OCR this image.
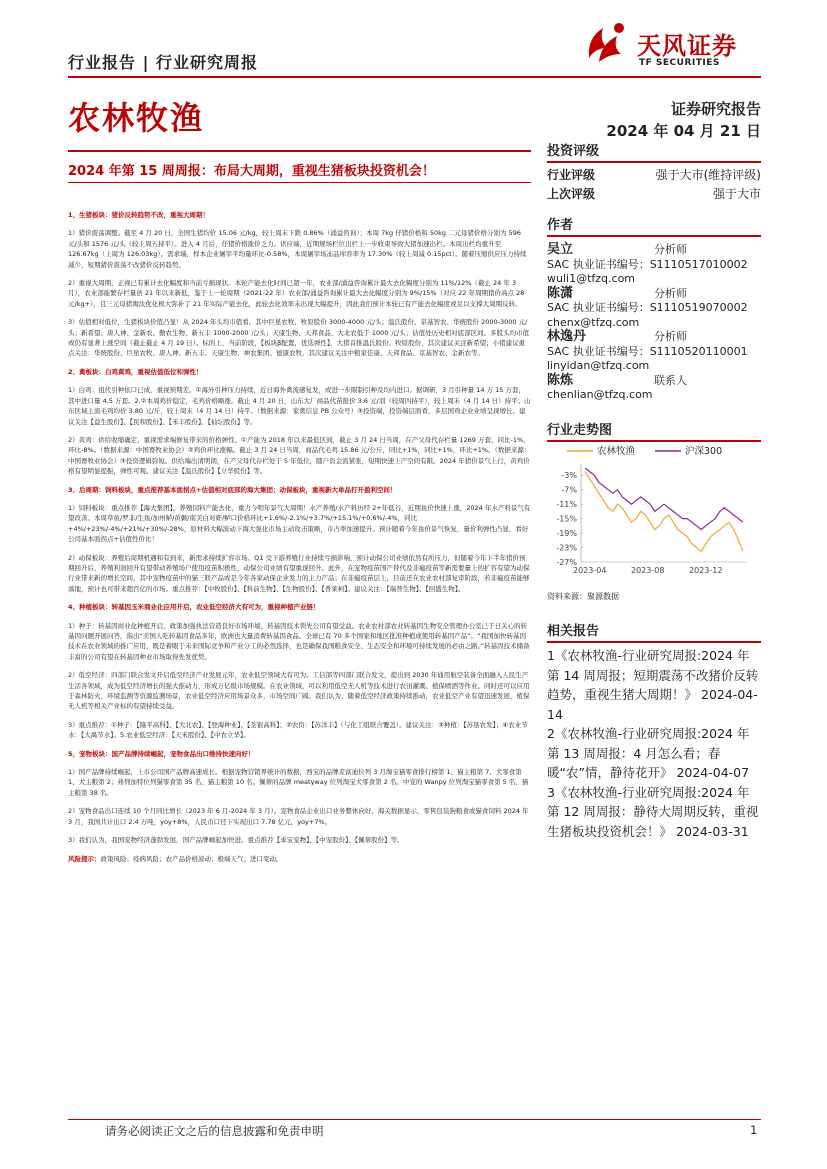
行业报告 | 行业研究周报
天风证券
TF SECURITIES
农林牧渔	证券研究报告
2024 年 04 月 21 日
2024 年第 15 周周报：布局大周期，重视生猪板块投资机会！

1、生猪板块：猪价反转趋势不改，重视大周期！

1）猪价震荡调整。截至 4 月 20 日，全国生猪均价 15.06 元/kg，较上周末下跌 0.86%（涌益咨询）；本周 7kg 仔猪价格和 50kg 二元母猪价格分别为 596 元/头和 1576 元/头（较上周五持平）。进入 4 月后，仔猪价格涨价乏力。供应端，近期规场栏位出栏上一步收束导致大猪加速出栏。本周出栏均重升至 126.67kg（上周为 126.03kg）。需求端，样本企业屠宰平均量环比-0.58%，本周屠宰场冻品库容率为 17.30%（较上周减 0.15pct）。随着压缩供应压力持续减少，短期猪价震荡不改猪价反转趋势。

2）重视大周期，正视已有累计去化幅度和当前亏损现状。本轮产能去化时间已超一年，农业部/涌益咨询累计最大去化幅度分别为 11%/12%（截止 24 年 3 月），农业部能繁存栏量创 21 年以来新低，鉴于上一轮周期（2021-22 年）农业部/涌益咨询累计最大去化幅度分别为 9%/15%（对应 22 年周期猪价高点 28 元/kg+），且三元母猪淘汰优化极大弥补了 21 年实际产能去化，此轮去化效率未出现大幅提升，因此我们预计本轮已有产能去化幅度或足以支撑大周期反转。

3）估值相对低位，生猪板块价值凸显！从 2024 年头均市值看，其中巨星农牧、牧原股份 3000-4000 元/头；温氏股份、京基智农、华统股份 2000-3000 元/头；新希望、唐人神、金新农、傲农生物、新五丰 1000-2000 元/头；天康生物、天邦食品、大北农低于 1000 元/头；估值处历史相对底部区间。多股头均市值或仍有显著上涨空间（截止截止 4 月 19 日）。标的上，当前阶段，【板块β配置，优选弹性】，大猪首推温氏股份、牧原股份、其次建议关注新希望；小猪建议重点关注：华统股份、巨星农牧、唐人神、新五丰、天康生物、神农集团、德康农牧，其次建议关注中粮家佳康、天邦食品、京基智农、金新农等。

2、禽板块：白鸡黄鸡，重视估值低位和弹性！

1）白鸡：祖代引种依口已成，重视预期差。①海外引种压力持续，近日海外禽流感复发，或进一步限制引种及均内进口。据调研，3 月引种量 14 万 15 万套，其中进口量 4.5 万套。2.②本周鸡价稳定，毛鸡价格略涨。截止 4 月 20 日，山东大厂商品代苗报价 3.6 元/羽（较周四持平），较上周末（4 月 14 日）持平；山东区域主流毛鸡均价 3.80 元/斤，较上周末（4 月 14 日）持平。（数据来源：家禽信息 PB 公众号）③投资端，投资端层面看，多层国鸡企业业绩呈现增长。建议关注【益生股份】、【民和股份】、【禾丰股份】、【仙坛股份】等。

2）黄鸡：供给收缩确定，重视需求端修复带来的价格弹性。①产能为 2018 年以来最低区间，截止 3 月 24 日当周，在产父母代存栏量 1269 万套，同比-1%，环比-8%。（数据来源：中国畜牧业协会）②鸡价环比涨幅。截止 3 月 24 日当周，商品代毛鸡 15.86 元/公斤，同比+1%，同比+1%，环比+1%。（数据来源：中国畜牧业协会）③投资逻辑弥短。供给端出清明朗，在产父母代存栏处于 5 年低位，随户资金流紧张，短期快速上产空间有限。2024 年猪价景气上行，黄鸡价格有望明显提振，弹性可观。建议关注【温氏股份】【立华股份】等。

3、后周期：饲料板块，重点推荐基本面拐点+估值相对底部的海大集团；动保板块，重视新大单品打开盈利空间！

1）饲料板块：重点推荐【海大集团】。养殖饲料产能去化，重力今明年景气大周期！水产养殖/水产料历经 2+年低谷，近期鱼价快速上涨，2024 年水产料景气有望改善。本周草鱼/罗非/生鱼/加州鲈/黄颡/南美白对虾/鲈口价格环比+1.6%/-2.1%/+3.7%/+15.1%/+0.6%/-4%，同比+4%/+23%/-4%/+21%/+30%/-28%，原材料大幅波动下海大强化市场主动攻击策略，市占率加速提升。预计随着今年鱼价景气恢复，量价利弹性凸显，看好公司基本面拐点+估值性价比！

2）动保板块：养殖后周期机遇和有到来，新需求持续扩容市场。Q1 受下游养殖行业持续亏损影响，预计动保公司业绩依然有所压力，但随着今年下半年猪价预期回升后，养殖利润回升有望带动养殖场户使用疫苗积极性，动保公司业绩有望重现回升。此外，在宠物疫苗国产替代及非瘟疫苗等新需要量上的扩容有望为动保行业带来新的增长空间，其中宠物疫苗中的猫三联产品或是今年各家动保企业发力的主力产品；在非瘟疫苗层上，目前还在农业农村部复审阶段，若非瘟疫苗能够落地，预计也可带来超百亿的市场。重点推荐：【中牧股份】、【科前生物】、【生物股份】、【普莱柯】。建议关注：【瑞普生物】、【回盛生物】。

4、种植板块：转基因玉米商业化应用开启，农业低空经济大有可为，重视种植产业链！

1）种子：转基因商业化种植开启，政策加强执法营造良好市场环境，转基因技术领先公司有望受益。农业农村部农业转基因生物安全管理办公室已于日关心的转基因问题开展问答，指出“美国人吃转基因食品多年，欧洲也大量消费转基因食品。全球已有 70 多个国家和地区批准种植或使用转基因产品”。“我国加快转基因技术在农业领域的推广应用，既是着眼于未来国际竞争和产业分工的必然选择，也是确保我国粮食安全、生态安全和环境可持续发展的必由之路。”转基因技术储备丰富的公司有望在转基因种业市场取得先发优势。

2）低空经济：四部门联合发文开启低空经济产业发展元年，农业低空领域大有可为。工信部等四部门联合发文，提出到 2030 年通用航空装备全面融入人民生产生活各领域，成为低空经济增长的强大推动力，形成万亿级市场规模。在农业领域，可以利用低空无人机等技术进行农田灌溉、植保喷洒等作业。同时还可以应用于森林防火、环境监测等资源监测场景，农业低空经济应用场景众多，市场空间广阔。我们认为，随着低空经济政策持续推动，农业低空产业有望迅速发展，植保无人机等相关产业标的有望持续受益。

3）重点推荐：①种子：【隆平高科】、【大北农】、【登海种业】、【荃银高科】；②农资：【苏洋丰】（与化工组联合覆盖）。建议关注：③种植：【苏垦农发】；④农业节水：【大禹节水】。5.农业低空经济：【天禾股份】、【中农立华】。

5、宠物板块：国产品牌持续崛起，宠物食品出口维持快速向好！

1）国产品牌持续崛起，上市公司国产品牌高速成长。根据宠物营销界统计的数据，西宝的品牌麦富迪位列 3 月淘宝猫零食排行榜第 1、猫主粮第 7、犬零食第 1、犬主粮第 2；弗列加特位列猫零食第 35 名、猫主粮第 10 名。佩蒂的品牌 meatyway 位列淘宝犬零食第 2 名。中宠的 Wanpy 位列淘宝猫零食第 5 名、猫主粮第 38 名。

2）宠物食品出口连续 10 个月同比增长（2023 年 6 月-2024 年 3 月）。宠物食品企业出口业务整体向好。海关数据显示，零售包装狗粮食或猫食饲料 2024 年 3 月，我国共计出口 2.4 万吨，yoy+8%，人民币口径下实现出口 7.78 亿元，yoy+7%。

3）我们认为，我国宠物经济蓬勃发展，国产品牌崛起加快进。重点推荐【乖宝宠物】、【中宠股份】、【佩蒂股份】等。

风险提示：政策风险；疫病风险；农产品价格波动；极端天气；进口变动。

投资评级
行业评级	强于大市(维持评级)
上次评级	强于大市
作者
吴立	分析师
SAC 执业证书编号：S1110517010002
wuli1@tfzq.com
陈潇	分析师
SAC 执业证书编号：S1110519070002
chenx@tfzq.com
林逸丹	分析师
SAC 执业证书编号：S1110520110001
linyidan@tfzq.com
陈炼	联系人
chenlian@tfzq.com
行业走势图
农林牧渔	沪深300
-3%
-7%
-11%
-15%
-19%
-23%
-27%
2023-04	2023-08	2023-12
资料来源：聚源数据
相关报告
1《农林牧渔-行业研究周报:2024 年第 14 周周报；短期震荡不改猪价反转趋势，重视生猪大周期！》 2024-04-14
2《农林牧渔-行业研究周报:2024 年第 13 周周报：4 月怎么看；春暖“农”情，静待花开》 2024-04-07
3《农林牧渔-行业研究周报:2024 年第 12 周周报：静待大周期反转，重视生猪板块投资机会！》 2024-03-31
请务必阅读正文之后的信息披露和免责申明	1
